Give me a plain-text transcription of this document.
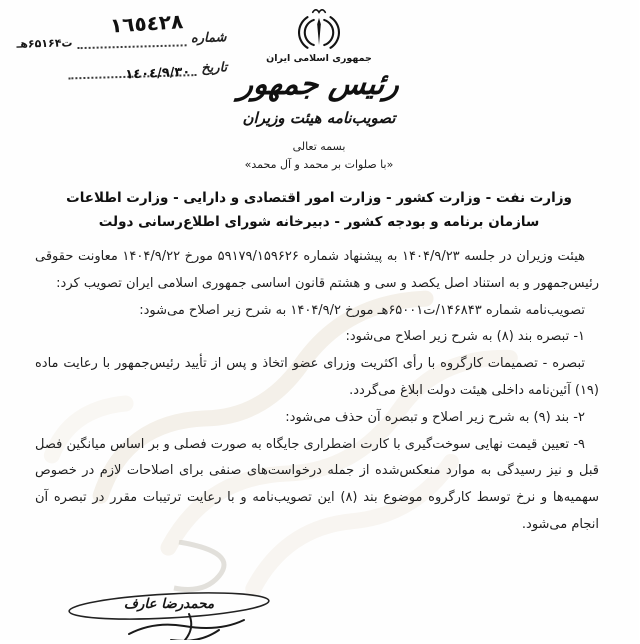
شماره
١٦٥٤٢٨
ت۶۵۱۶۴هـ
تاریخ
١٤٠٤/٩/٣٠
جمهوری اسلامی ایران
رئیس جمهور
تصویب‌نامه هیئت وزیران
بسمه تعالی
«با صلوات بر محمد و آل محمد»
وزارت نفت - وزارت کشور - وزارت امور اقتصادی و دارایی - وزارت اطلاعات
سازمان برنامه و بودجه کشور - دبیرخانه شورای اطلاع‌رسانی دولت

هیئت وزیران در جلسه ۱۴۰۴/۹/۲۳ به پیشنهاد شماره ۵۹۱۷۹/۱۵۹۶۲۶ مورخ ۱۴۰۴/۹/۲۲ معاونت حقوقی رئیس‌جمهور و به استناد اصل یکصد و سی و هشتم قانون اساسی جمهوری اسلامی ایران تصویب کرد:

تصویب‌نامه شماره ۱۴۶۸۴۳/ت۶۵۰۰۱هـ مورخ ۱۴۰۴/۹/۲ به شرح زیر اصلاح می‌شود:

۱- تبصره بند (۸) به شرح زیر اصلاح می‌شود:

تبصره - تصمیمات کارگروه با رأی اکثریت وزرای عضو اتخاذ و پس از تأیید رئیس‌جمهور با رعایت ماده (۱۹) آئین‌نامه داخلی هیئت دولت ابلاغ می‌گردد.

۲- بند (۹) به شرح زیر اصلاح و تبصره آن حذف می‌شود:

۹- تعیین قیمت نهایی سوخت‌گیری با کارت اضطراری جایگاه به صورت فصلی و بر اساس میانگین فصل قبل و نیز رسیدگی به موارد منعکس‌شده از جمله درخواست‌های صنفی برای اصلاحات لازم در خصوص سهمیه‌ها و نرخ توسط کارگروه موضوع بند (۸) این تصویب‌نامه و با رعایت ترتیبات مقرر در تبصره آن انجام می‌شود.

محمدرضا عارف
